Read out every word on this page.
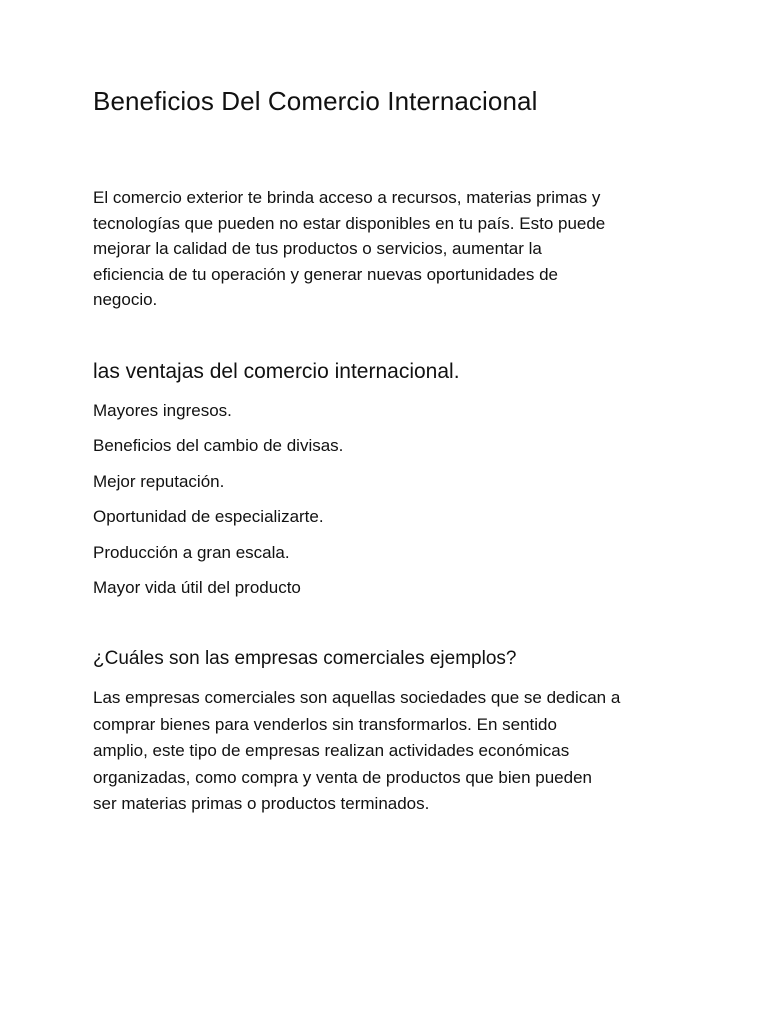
Beneficios Del Comercio Internacional

El comercio exterior te brinda acceso a recursos, materias primas y
tecnologías que pueden no estar disponibles en tu país. Esto puede
mejorar la calidad de tus productos o servicios, aumentar la
eficiencia de tu operación y generar nuevas oportunidades de
negocio.

las ventajas del comercio internacional.
Mayores ingresos.
Beneficios del cambio de divisas.
Mejor reputación.
Oportunidad de especializarte.
Producción a gran escala.
Mayor vida útil del producto
¿Cuáles son las empresas comerciales ejemplos?

Las empresas comerciales son aquellas sociedades que se dedican a
comprar bienes para venderlos sin transformarlos. En sentido
amplio, este tipo de empresas realizan actividades económicas
organizadas, como compra y venta de productos que bien pueden
ser materias primas o productos terminados.
